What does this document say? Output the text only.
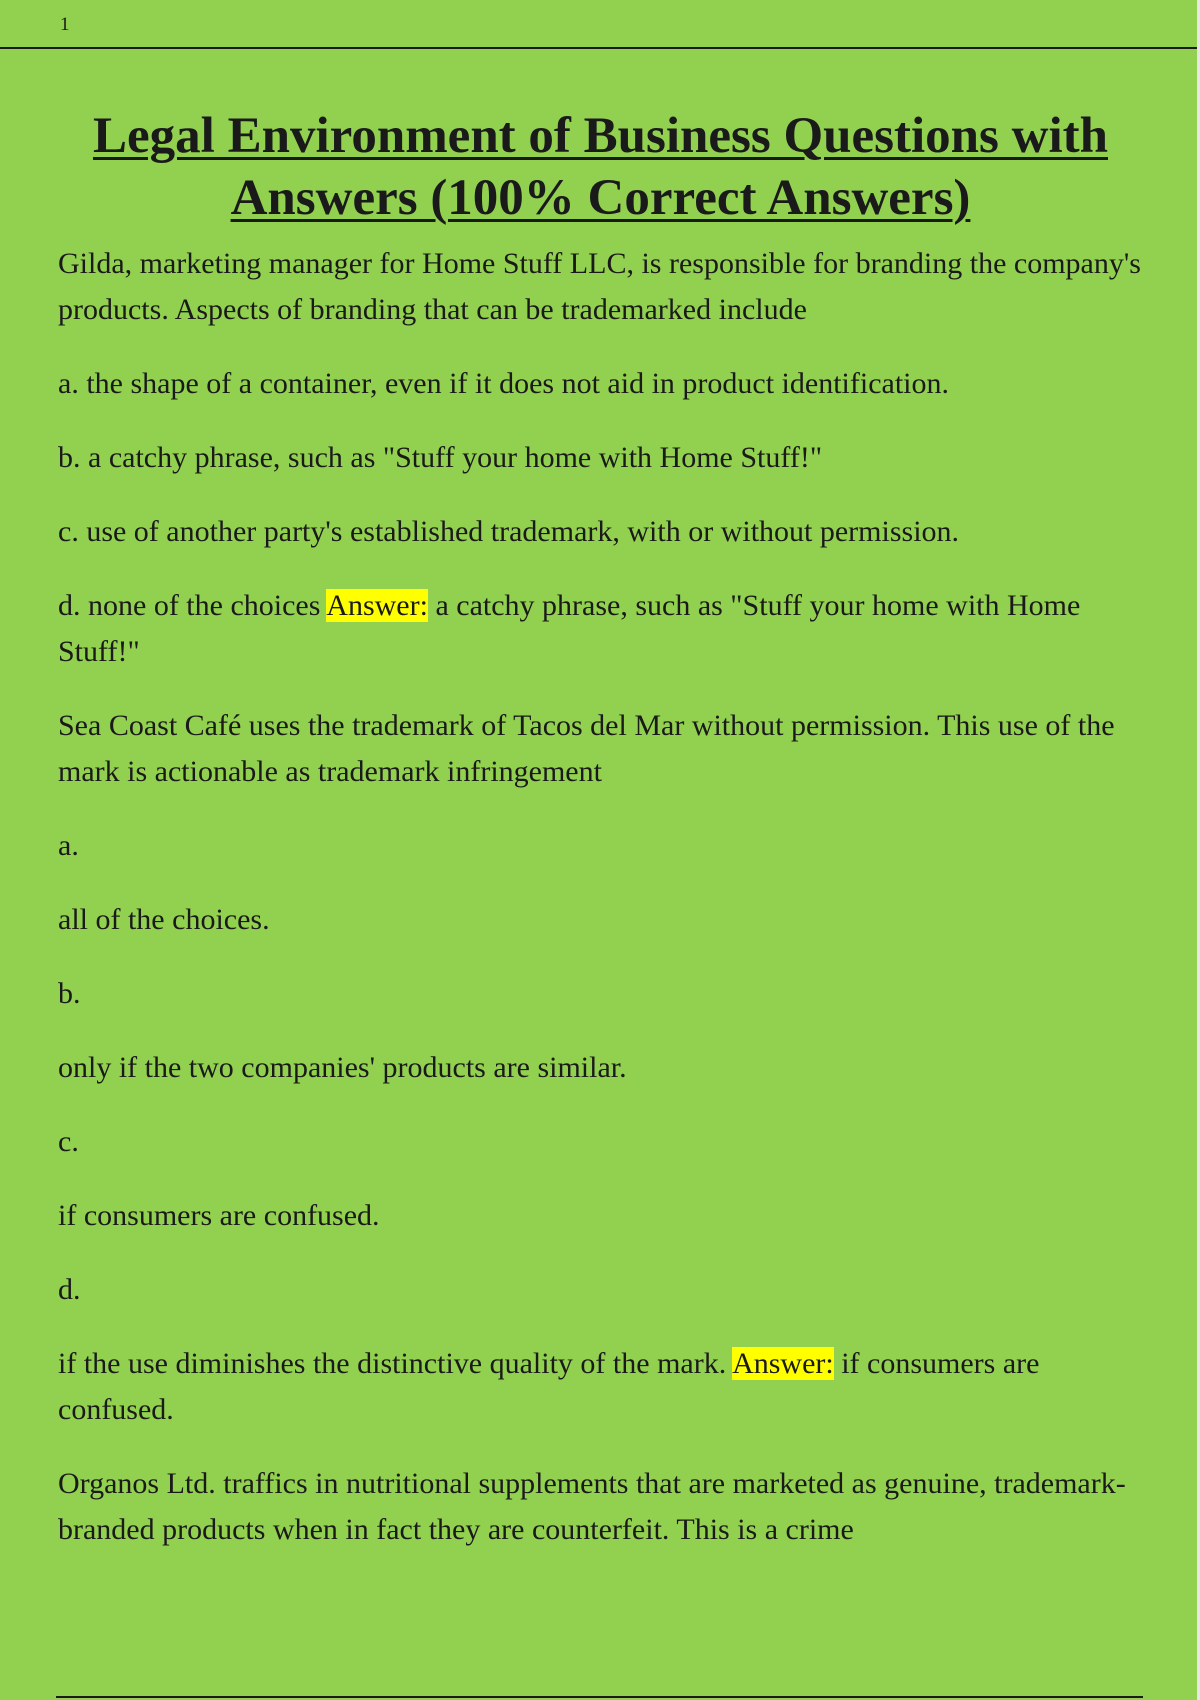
1
Legal Environment of Business Questions with
Answers (100% Correct Answers)

Gilda, marketing manager for Home Stuff LLC, is responsible for branding the company's products. Aspects of branding that can be trademarked include

a. the shape of a container, even if it does not aid in product identification.

b. a catchy phrase, such as "Stuff your home with Home Stuff!"

c. use of another party's established trademark, with or without permission.

d. none of the choices Answer: a catchy phrase, such as "Stuff your home with Home Stuff!"

Sea Coast Café uses the trademark of Tacos del Mar without permission. This use of the mark is actionable as trademark infringement

a.

all of the choices.

b.

only if the two companies' products are similar.

c.

if consumers are confused.

d.

if the use diminishes the distinctive quality of the mark. Answer: if consumers are confused.

Organos Ltd. traffics in nutritional supplements that are marketed as genuine, trademark-branded products when in fact they are counterfeit. This is a crime
